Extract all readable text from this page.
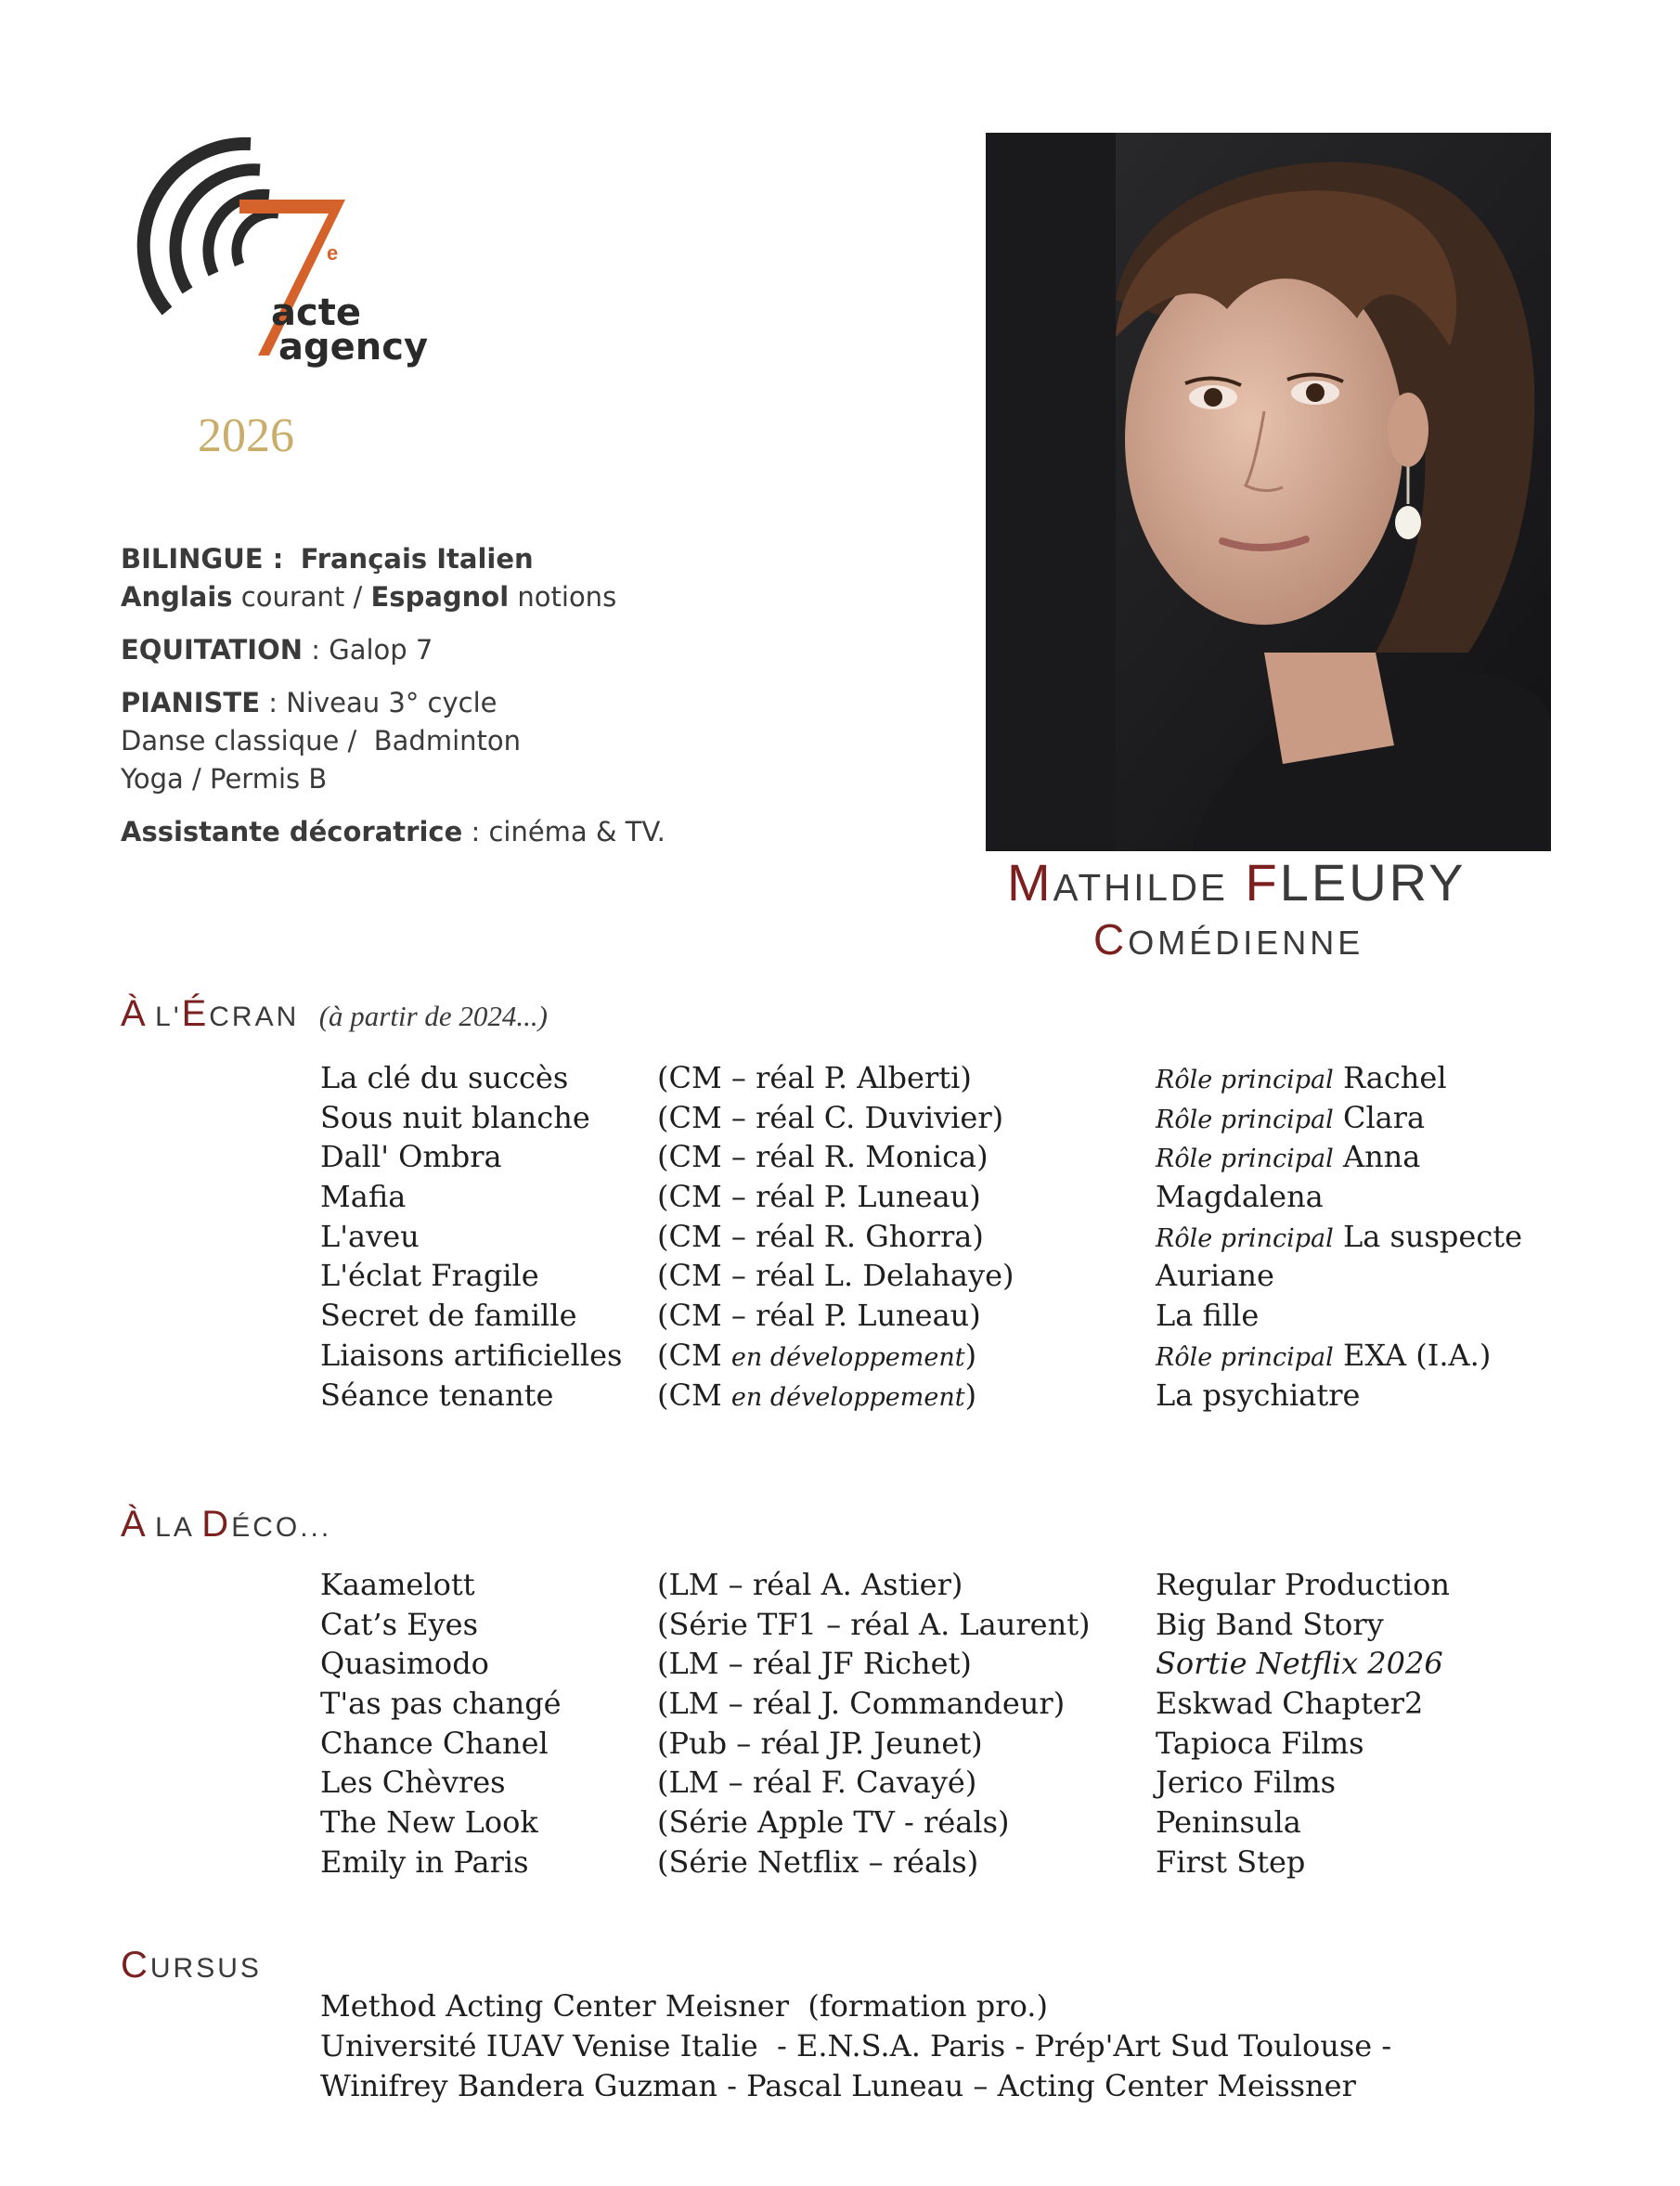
e
acte
agency
2026
BILINGUE : Français Italien
Anglais courant / Espagnol notions
EQUITATION : Galop 7
PIANISTE : Niveau 3° cycle
Danse classique /  Badminton
Yoga / Permis B
Assistante décoratrice : cinéma & TV.
MATHILDE FLEURY
COMÉDIENNE
À L'ÉCRAN (à partir de 2024...)
La clé du succès	(CM – réal P. Alberti)	Rôle principal Rachel
Sous nuit blanche (CM – réal C. Duvivier)	Rôle principal Clara
Dall' Ombra	(CM – réal R. Monica)	Rôle principal Anna
Mafia	(CM – réal P. Luneau)	Magdalena
L'aveu	(CM – réal R. Ghorra)	Rôle principal La suspecte
L'éclat Fragile	(CM – réal L. Delahaye)	Auriane
Secret de famille	(CM – réal P. Luneau)	La fille
Liaisons artificielles (CM en développement)	Rôle principal EXA (I.A.)
Séance tenante	(CM en développement)	La psychiatre
À LA DÉCO...
Kaamelott	(LM – réal A. Astier)	Regular Production
Cat’s Eyes	(Série TF1 – réal A. Laurent) Big Band Story
Quasimodo	(LM – réal JF Richet)	Sortie Netflix 2026
T'as pas changé	(LM – réal J. Commandeur)	Eskwad Chapter2
Chance Chanel	(Pub – réal JP. Jeunet)	Tapioca Films
Les Chèvres	(LM – réal F. Cavayé)	Jerico Films
The New Look	(Série Apple TV - réals)	Peninsula
Emily in Paris	(Série Netflix – réals)	First Step
CURSUS
Method Acting Center Meisner  (formation pro.)
Université IUAV Venise Italie  - E.N.S.A. Paris - Prép'Art Sud Toulouse -
Winifrey Bandera Guzman - Pascal Luneau – Acting Center Meissner
